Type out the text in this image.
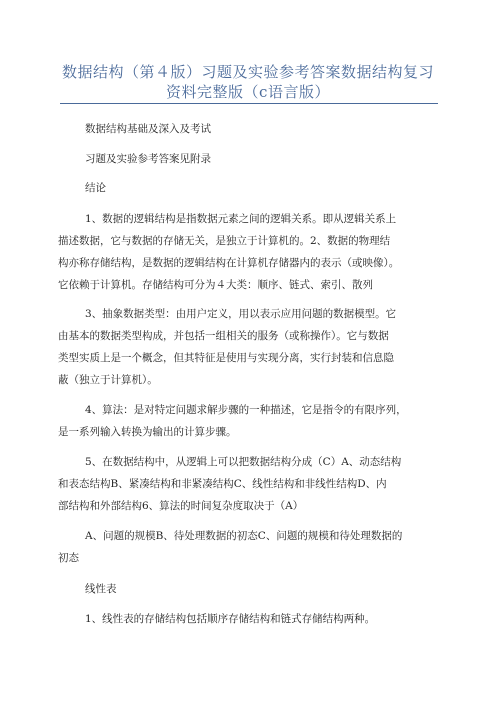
数据结构（第４版）习题及实验参考答案数据结构复习
资料完整版（c语言版）
数据结构基础及深入及考试
习题及实验参考答案见附录
结论
1、数据的逻辑结构是指数据元素之间的逻辑关系。即从逻辑关系上
描述数据，它与数据的存储无关，是独立于计算机的。2、数据的物理结
构亦称存储结构，是数据的逻辑结构在计算机存储器内的表示（或映像）。
它依赖于计算机。存储结构可分为４大类：顺序、链式、索引、散列
3、抽象数据类型：由用户定义，用以表示应用问题的数据模型。它
由基本的数据类型构成，并包括一组相关的服务（或称操作）。它与数据
类型实质上是一个概念，但其特征是使用与实现分离，实行封装和信息隐
蔽（独立于计算机）。
4、算法：是对特定问题求解步骤的一种描述，它是指令的有限序列，
是一系列输入转换为输出的计算步骤。
5、在数据结构中，从逻辑上可以把数据结构分成（C）A、动态结构
和表态结构B、紧凑结构和非紧凑结构C、线性结构和非线性结构D、内
部结构和外部结构6、算法的时间复杂度取决于（A）
A、问题的规模B、待处理数据的初态C、问题的规模和待处理数据的
初态
线性表
1、线性表的存储结构包括顺序存储结构和链式存储结构两种。
